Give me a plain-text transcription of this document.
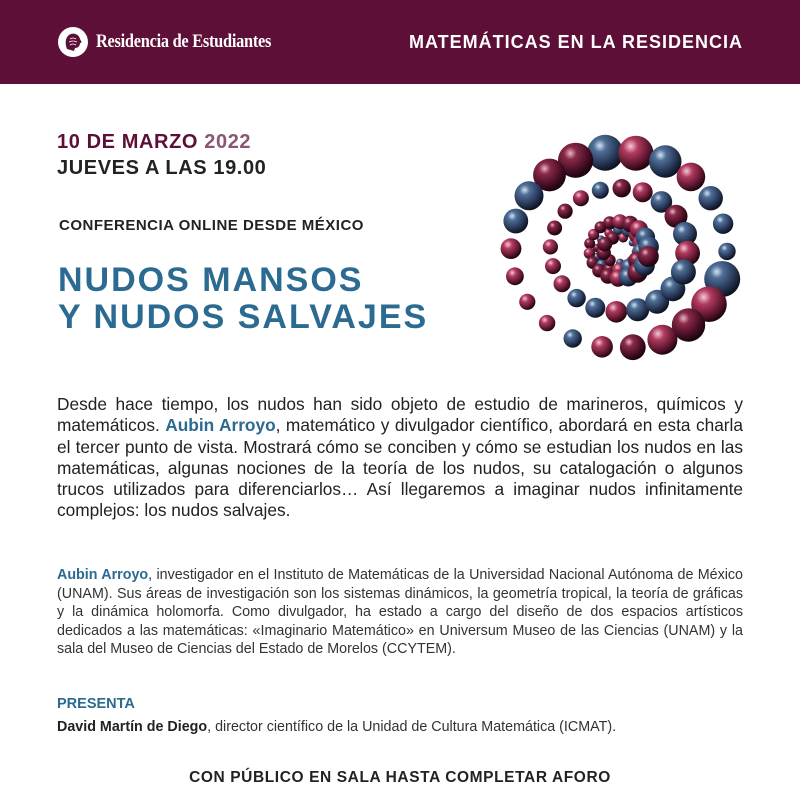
Residencia de Estudiantes	MATEMÁTICAS EN LA RESIDENCIA
10 DE MARZO 2022
JUEVES A LAS 19.00
CONFERENCIA ONLINE DESDE MÉXICO
NUDOS MANSOS
Y NUDOS SALVAJES
Desde hace tiempo, los nudos han sido objeto de estudio de marineros, químicos y matemáticos. Aubin Arroyo, matemático y divulgador científico, abordará en esta charla el tercer punto de vista. Mostrará cómo se conciben y cómo se estudian los nudos en las matemáticas, algunas nociones de la teoría de los nudos, su catalogación o algunos trucos utilizados para diferenciarlos… Así llegaremos a imaginar nudos infinitamente complejos: los nudos salvajes.
Aubin Arroyo, investigador en el Instituto de Matemáticas de la Universidad Nacional Autónoma de México (UNAM). Sus áreas de investigación son los sistemas dinámicos, la geometría tropical, la teoría de gráficas y la dinámica holomorfa. Como divulgador, ha estado a cargo del diseño de dos espacios artísticos dedicados a las matemáticas: «Imaginario Matemático» en Universum Museo de las Ciencias (UNAM) y la sala del Museo de Ciencias del Estado de Morelos (CCYTEM).
PRESENTA
David Martín de Diego, director científico de la Unidad de Cultura Matemática (ICMAT).
CON PÚBLICO EN SALA HASTA COMPLETAR AFORO
